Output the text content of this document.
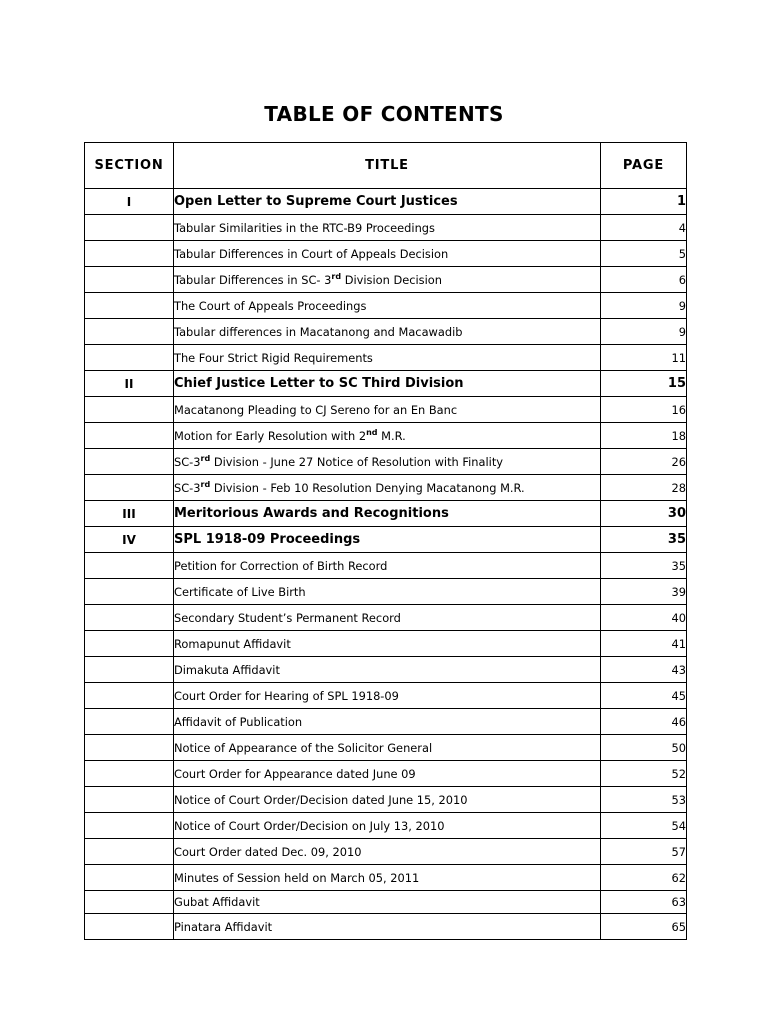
TABLE OF CONTENTS
SECTION	TITLE	PAGE
I	Open Letter to Supreme Court Justices	1
	Tabular Similarities in the RTC-B9 Proceedings	4
	Tabular Differences in Court of Appeals Decision	5
	Tabular Differences in SC- 3rd Division Decision	6
	The Court of Appeals Proceedings	9
	Tabular differences in Macatanong and Macawadib	9
	The Four Strict Rigid Requirements	11
II	Chief Justice Letter to SC Third Division	15
	Macatanong Pleading to CJ Sereno for an En Banc	16
	Motion for Early Resolution with 2nd M.R.	18
	SC-3rd Division - June 27 Notice of Resolution with Finality	26
	SC-3rd Division - Feb 10 Resolution Denying Macatanong M.R.	28
III	Meritorious Awards and Recognitions	30
IV	SPL 1918-09 Proceedings	35
	Petition for Correction of Birth Record	35
	Certificate of Live Birth	39
	Secondary Student’s Permanent Record	40
	Romapunut Affidavit	41
	Dimakuta Affidavit	43
	Court Order for Hearing of SPL 1918-09	45
	Affidavit of Publication	46
	Notice of Appearance of the Solicitor General	50
	Court Order for Appearance dated June 09	52
	Notice of Court Order/Decision dated June 15, 2010	53
	Notice of Court Order/Decision on July 13, 2010	54
	Court Order dated Dec. 09, 2010	57
	Minutes of Session held on March 05, 2011	62
	Gubat Affidavit	63
	Pinatara Affidavit	65
